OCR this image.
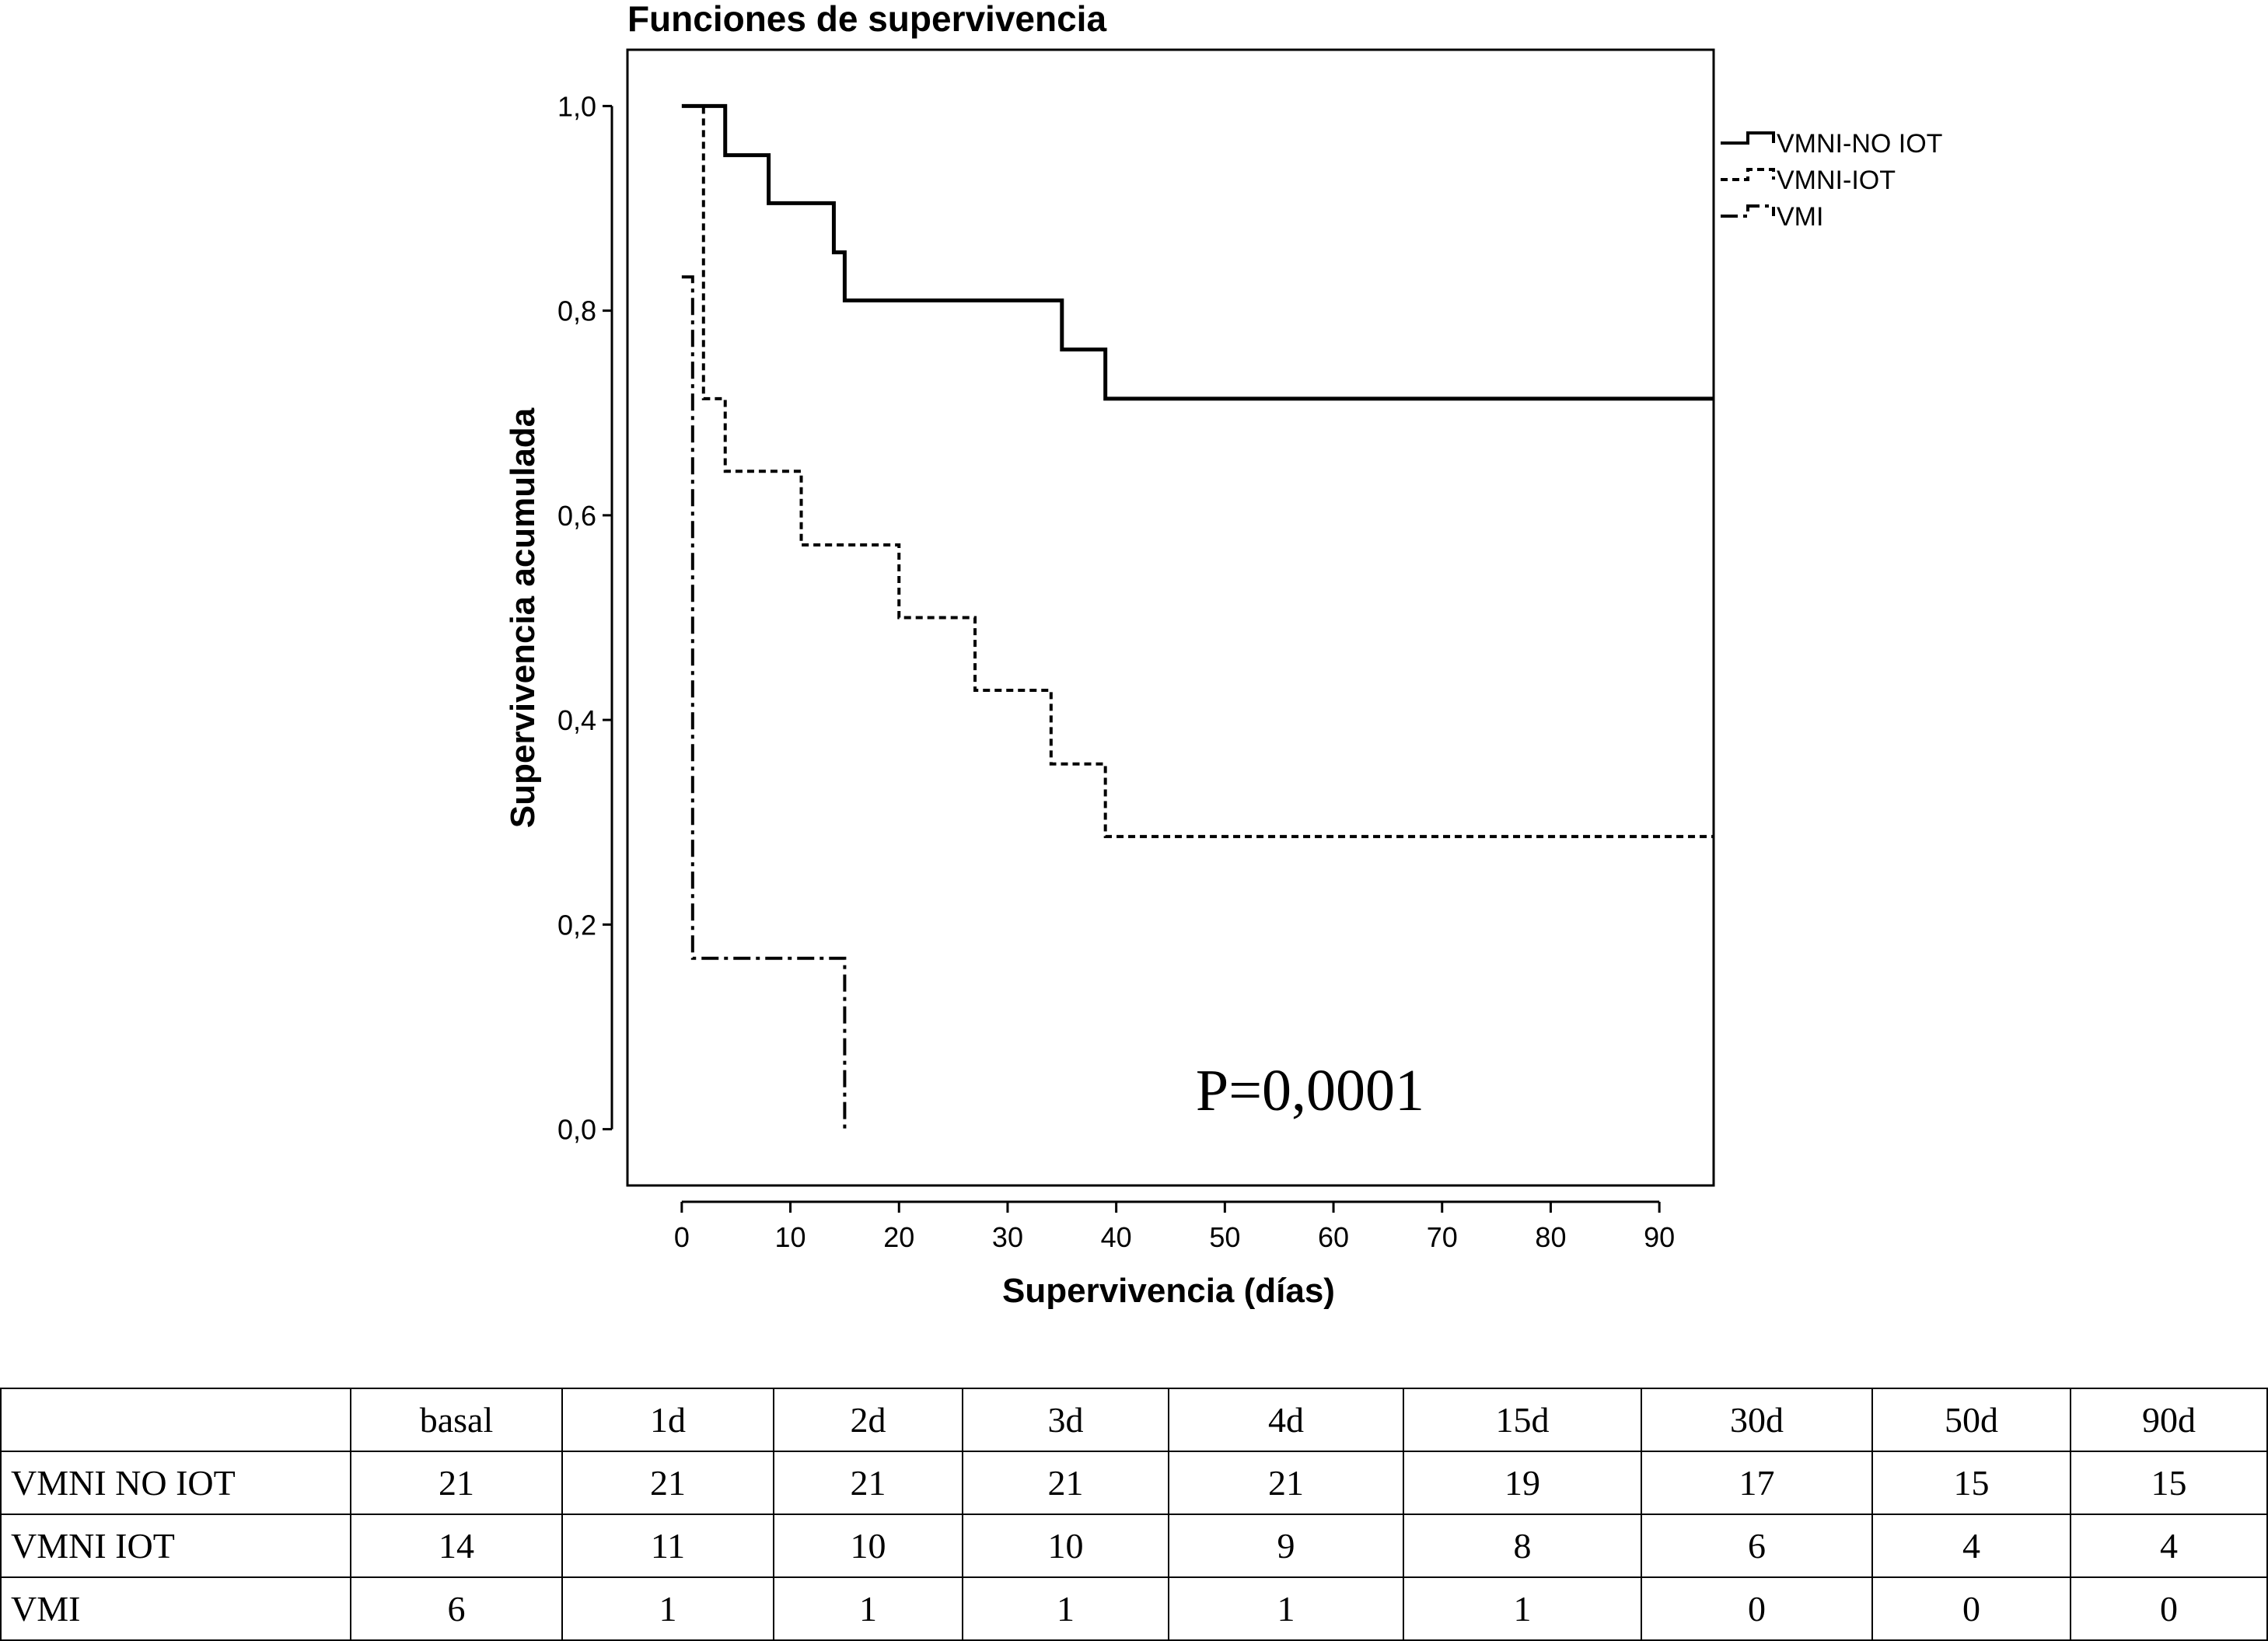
Funciones de supervivencia
0,0
0,2
0,4
0,6
0,8
1,0
0	10	20	30	40	50	60	70	80	90
Supervivencia acumulada
Supervivencia (días)
P=0,0001
VMNI-NO IOT
VMNI-IOT
VMI
	basal	1d	2d	3d	4d	15d	30d	50d	90d
VMNI NO IOT	21	21	21	21	21	19	17	15	15
VMNI IOT	14	11	10	10	9	8	6	4	4
VMI	6	1	1	1	1	1	0	0	0
